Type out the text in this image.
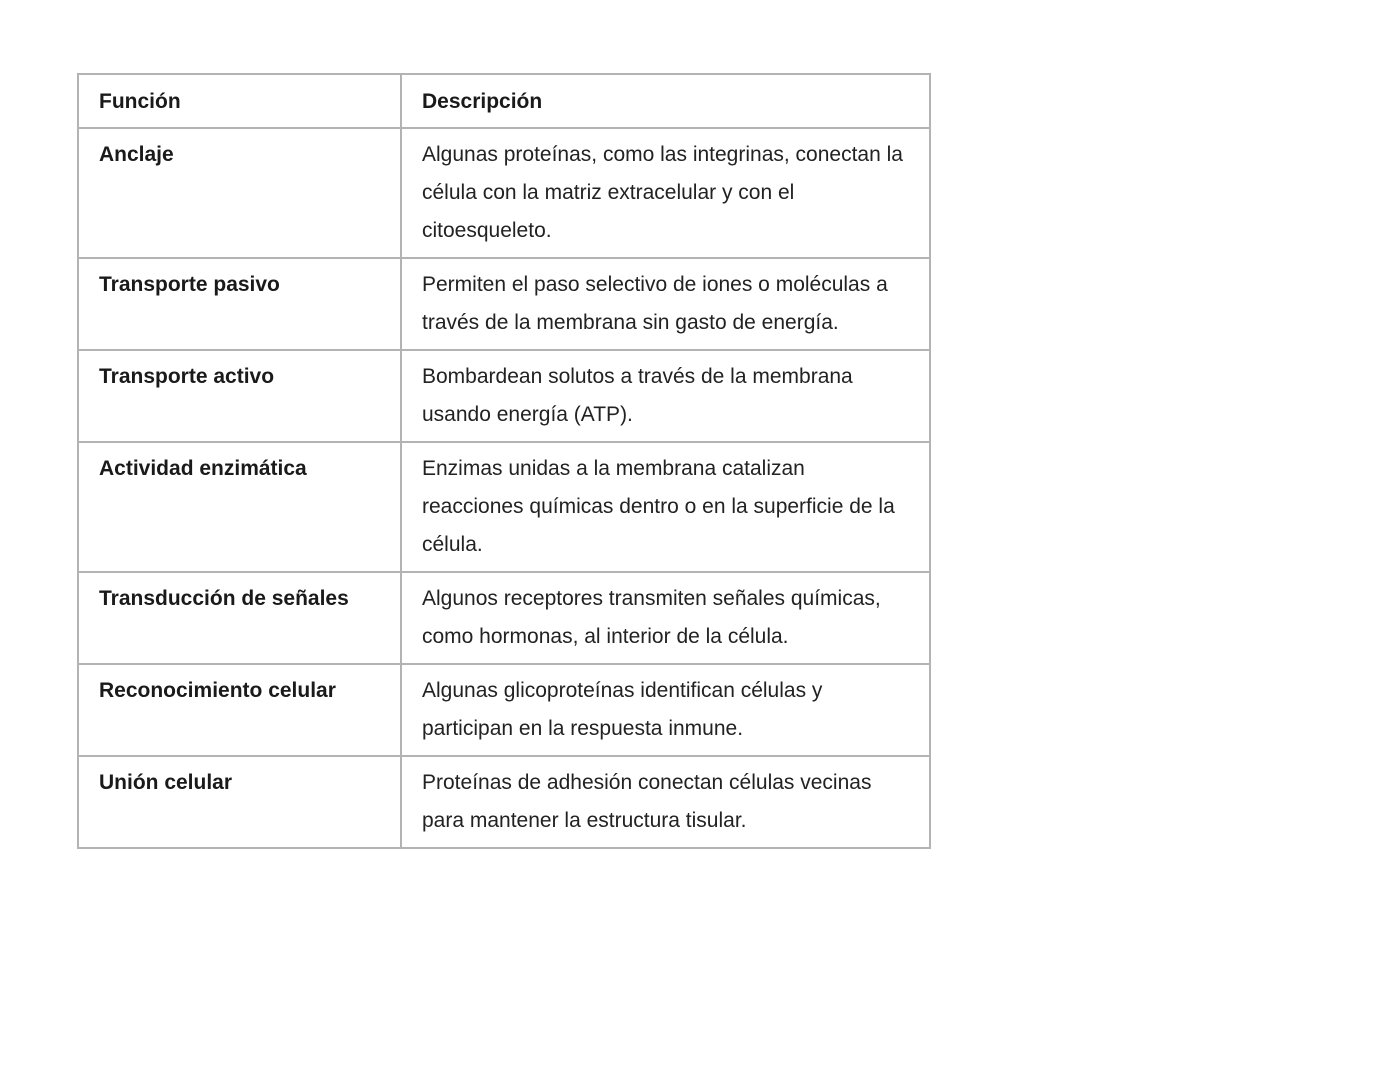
Función	Descripción
Anclaje	Algunas proteínas, como las integrinas, conectan la célula con la matriz extracelular y con el citoesqueleto.
Transporte pasivo	Permiten el paso selectivo de iones o moléculas a través de la membrana sin gasto de energía.
Transporte activo	Bombardean solutos a través de la membrana usando energía (ATP).
Actividad enzimática	Enzimas unidas a la membrana catalizan reacciones químicas dentro o en la superficie de la célula.
Transducción de señales	Algunos receptores transmiten señales químicas, como hormonas, al interior de la célula.
Reconocimiento celular	Algunas glicoproteínas identifican células y participan en la respuesta inmune.
Unión celular	Proteínas de adhesión conectan células vecinas para mantener la estructura tisular.
